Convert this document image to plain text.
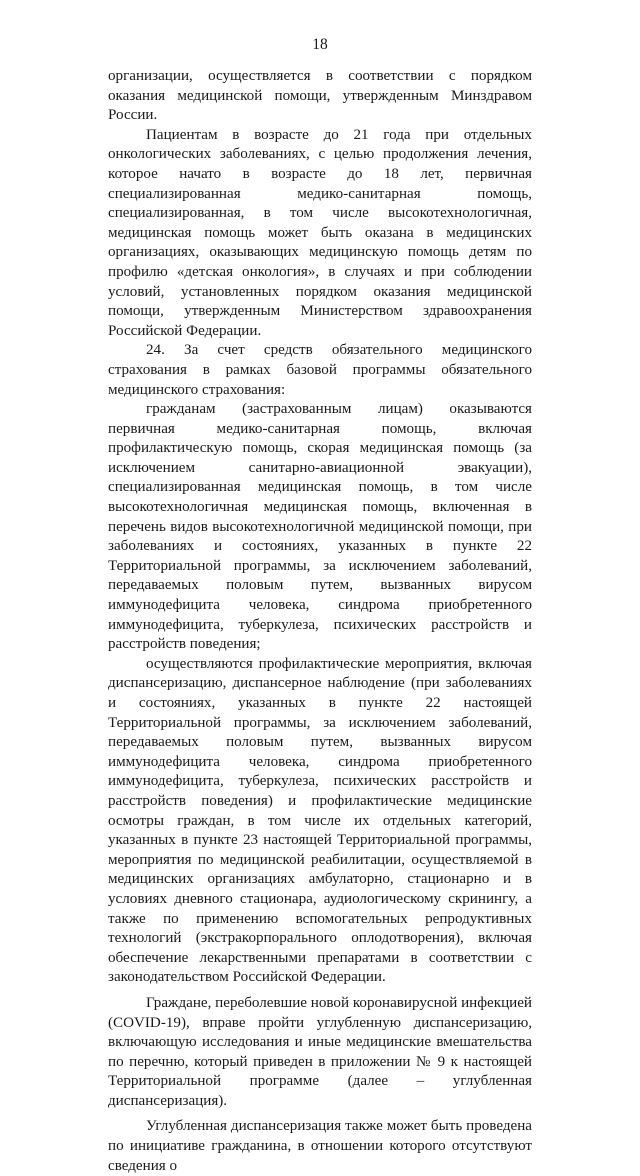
18

организации, осуществляется в соответствии с порядком оказания медицинской помощи, утвержденным Минздравом России.

Пациентам в возрасте до 21 года при отдельных онкологических заболеваниях, с целью продолжения лечения, которое начато в возрасте до 18 лет, первичная специализированная медико-санитарная помощь, специализированная, в том числе высокотехнологичная, медицинская помощь может быть оказана в медицинских организациях, оказывающих медицинскую помощь детям по профилю «детская онкология», в случаях и при соблюдении условий, установленных порядком оказания медицинской помощи, утвержденным Министерством здравоохранения Российской Федерации.

24. За счет средств обязательного медицинского страхования в рамках базовой программы обязательного медицинского страхования:

гражданам (застрахованным лицам) оказываются первичная медико-санитарная помощь, включая профилактическую помощь, скорая медицинская помощь (за исключением санитарно-авиационной эвакуации), специализированная медицинская помощь, в том числе высокотехнологичная медицинская помощь, включенная в перечень видов высокотехнологичной медицинской помощи, при заболеваниях и состояниях, указанных в пункте 22 Территориальной программы, за исключением заболеваний, передаваемых половым путем, вызванных вирусом иммунодефицита человека, синдрома приобретенного иммунодефицита, туберкулеза, психических расстройств и расстройств поведения;

осуществляются профилактические мероприятия, включая диспансеризацию, диспансерное наблюдение (при заболеваниях и состояниях, указанных в пункте 22 настоящей Территориальной программы, за исключением заболеваний, передаваемых половым путем, вызванных вирусом иммунодефицита человека, синдрома приобретенного иммунодефицита, туберкулеза, психических расстройств и расстройств поведения) и профилактические медицинские осмотры граждан, в том числе их отдельных категорий, указанных в пункте 23 настоящей Территориальной программы, мероприятия по медицинской реабилитации, осуществляемой в медицинских организациях амбулаторно, стационарно и в условиях дневного стационара, аудиологическому скринингу, а также по применению вспомогательных репродуктивных технологий (экстракорпорального оплодотворения), включая обеспечение лекарственными препаратами в соответствии с законодательством Российской Федерации.

Граждане, переболевшие новой коронавирусной инфекцией (COVID-19), вправе пройти углубленную диспансеризацию, включающую исследования и иные медицинские вмешательства по перечню, который приведен в приложении № 9 к настоящей Территориальной программе (далее – углубленная диспансеризация).

Углубленная диспансеризация также может быть проведена по инициативе гражданина, в отношении которого отсутствуют сведения о
